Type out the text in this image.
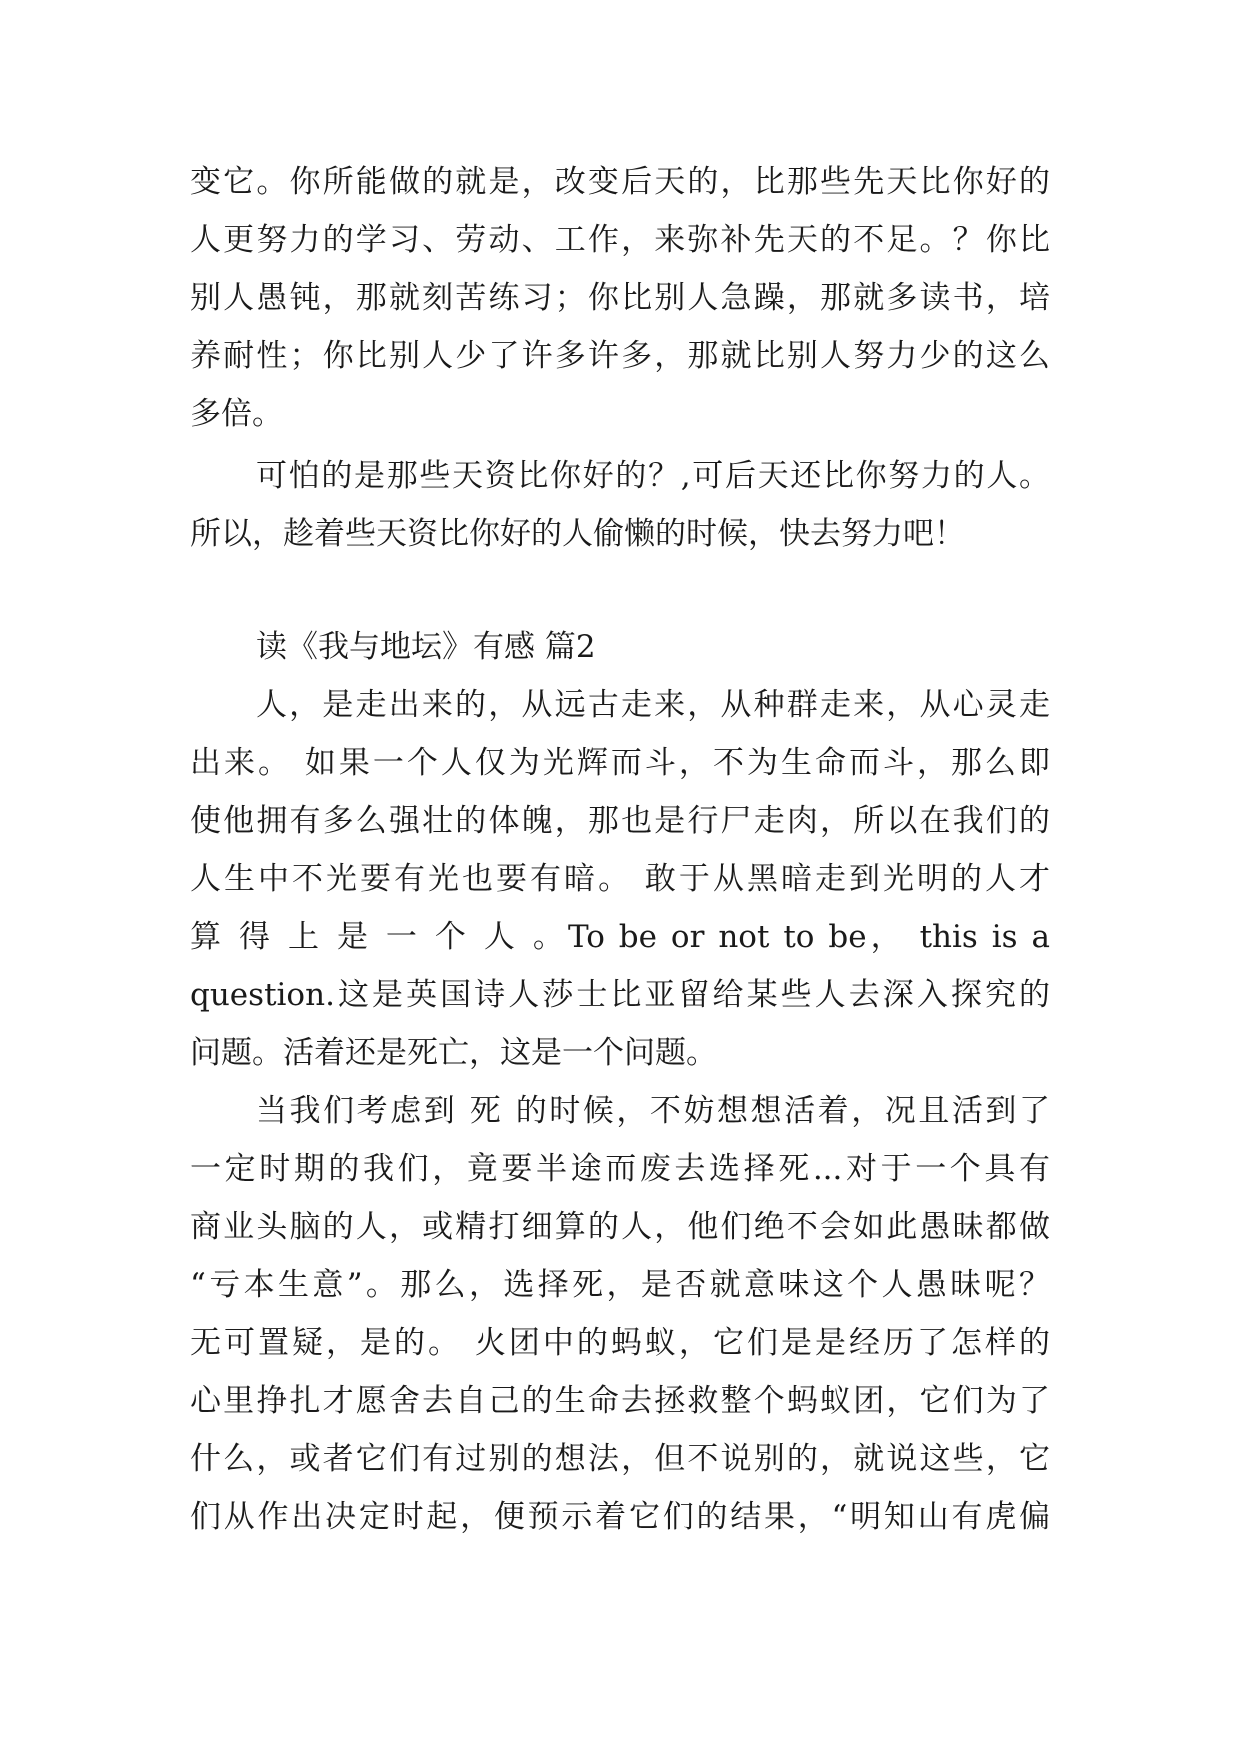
变它。你所能做的就是，改变后天的，比那些先天比你好的
人更努力的学习、劳动、工作，来弥补先天的不足。？你比
别人愚钝，那就刻苦练习；你比别人急躁，那就多读书，培
养耐性；你比别人少了许多许多，那就比别人努力少的这么
多倍。
可怕的是那些天资比你好的？,可后天还比你努力的人。
所以，趁着些天资比你好的人偷懒的时候，快去努力吧！
读《我与地坛》有感 篇2
人，是走出来的，从远古走来，从种群走来，从心灵走
出来。 如果一个人仅为光辉而斗，不为生命而斗，那么即
使他拥有多么强壮的体魄，那也是行尸走肉，所以在我们的
人生中不光要有光也要有暗。 敢于从黑暗走到光明的人才
算 得 上 是 一 个 人 。To be or not to be， this is a
question.这是英国诗人莎士比亚留给某些人去深入探究的
问题。活着还是死亡，这是一个问题。
当我们考虑到 死 的时候，不妨想想活着，况且活到了
一定时期的我们，竟要半途而废去选择死...对于一个具有
商业头脑的人，或精打细算的人，他们绝不会如此愚昧都做
“亏本生意”。那么，选择死，是否就意味这个人愚昧呢？
无可置疑，是的。 火团中的蚂蚁，它们是是经历了怎样的
心里挣扎才愿舍去自己的生命去拯救整个蚂蚁团，它们为了
什么，或者它们有过别的想法，但不说别的，就说这些，它
们从作出决定时起，便预示着它们的结果，“明知山有虎偏
